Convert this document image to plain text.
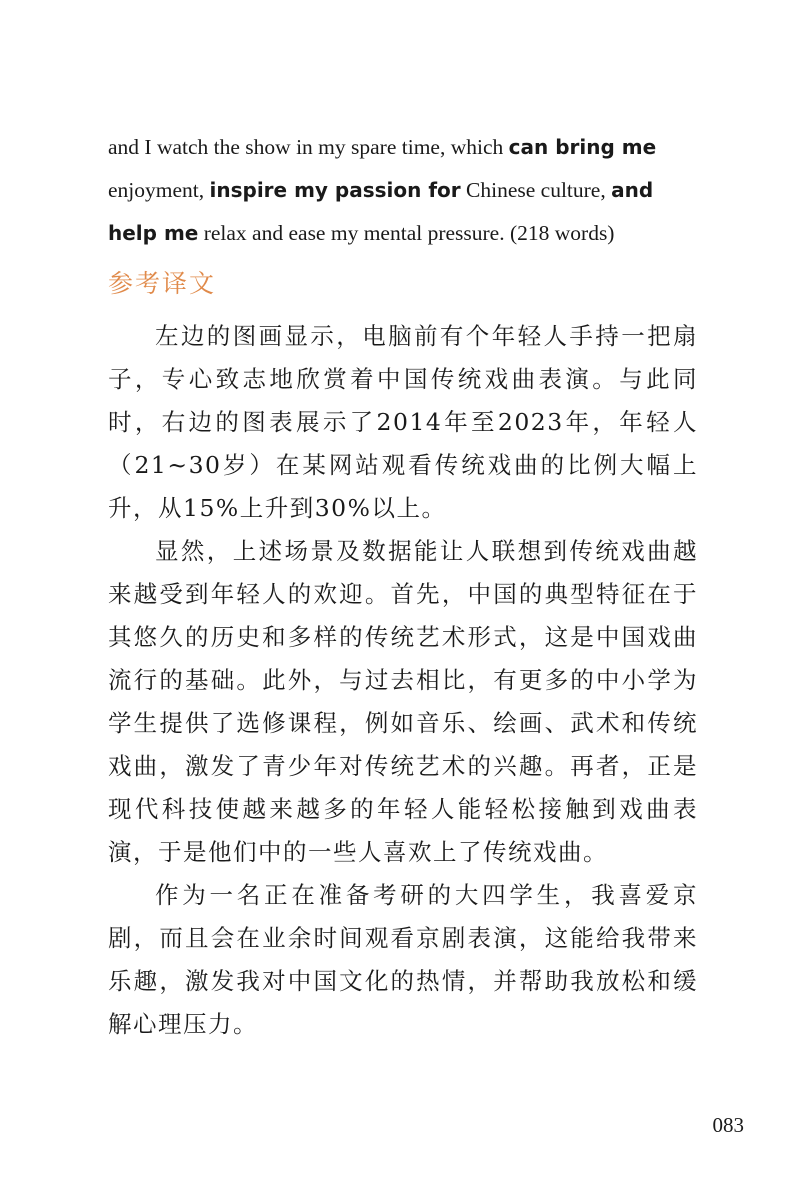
and I watch the show in my spare time, which can bring me
enjoyment, inspire my passion for Chinese culture, and
help me relax and ease my mental pressure. (218 words)
参考译文

左边的图画显示，电脑前有个年轻人手持一把扇子，专心致志地欣赏着中国传统戏曲表演。与此同时，右边的图表展示了2014年至2023年，年轻人（21~30岁）在某网站观看传统戏曲的比例大幅上升，从15%上升到30%以上。

显然，上述场景及数据能让人联想到传统戏曲越来越受到年轻人的欢迎。首先，中国的典型特征在于其悠久的历史和多样的传统艺术形式，这是中国戏曲流行的基础。此外，与过去相比，有更多的中小学为学生提供了选修课程，例如音乐、绘画、武术和传统戏曲，激发了青少年对传统艺术的兴趣。再者，正是现代科技使越来越多的年轻人能轻松接触到戏曲表演，于是他们中的一些人喜欢上了传统戏曲。

作为一名正在准备考研的大四学生，我喜爱京剧，而且会在业余时间观看京剧表演，这能给我带来乐趣，激发我对中国文化的热情，并帮助我放松和缓解心理压力。

083
